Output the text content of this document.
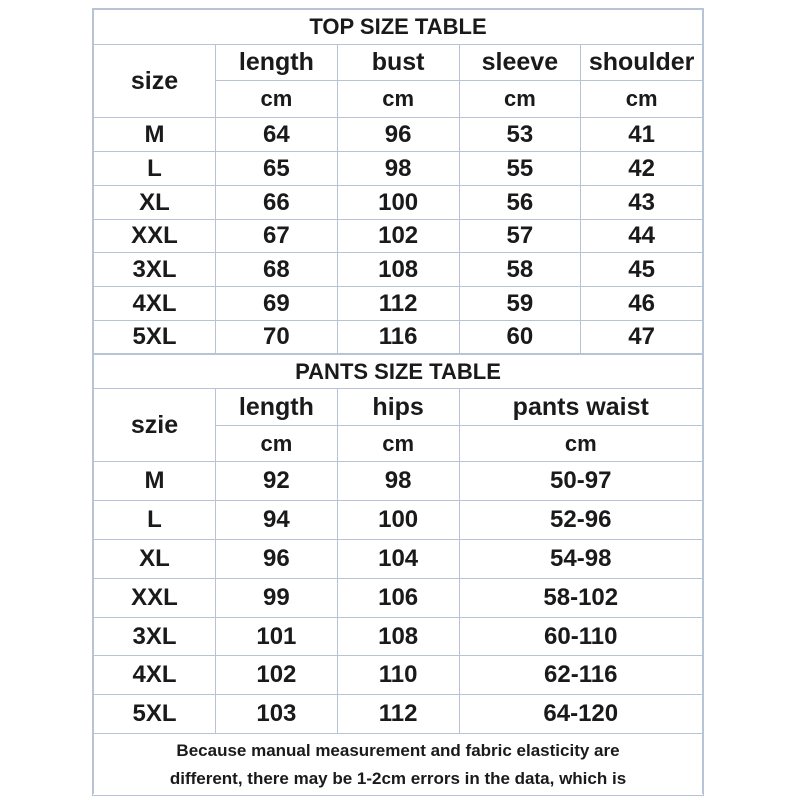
TOP SIZE TABLE				
size	length	bust	sleeve	shoulder
	cm	cm	cm	cm
M	64	96	53	41
L	65	98	55	42
XL	66	100	56	43
XXL	67	102	57	44
3XL	68	108	58	45
4XL	69	112	59	46
5XL	70	116	60	47
PANTS SIZE TABLE			
szie	length	hips	pants waist
	cm	cm	cm
M	92	98	50-97
L	94	100	52-96
XL	96	104	54-98
XXL	99	106	58-102
3XL	101	108	60-110
4XL	102	110	62-116
5XL	103	112	64-120

Because manual measurement and fabric elasticity are
different, there may be 1-2cm errors in the data, which is			
